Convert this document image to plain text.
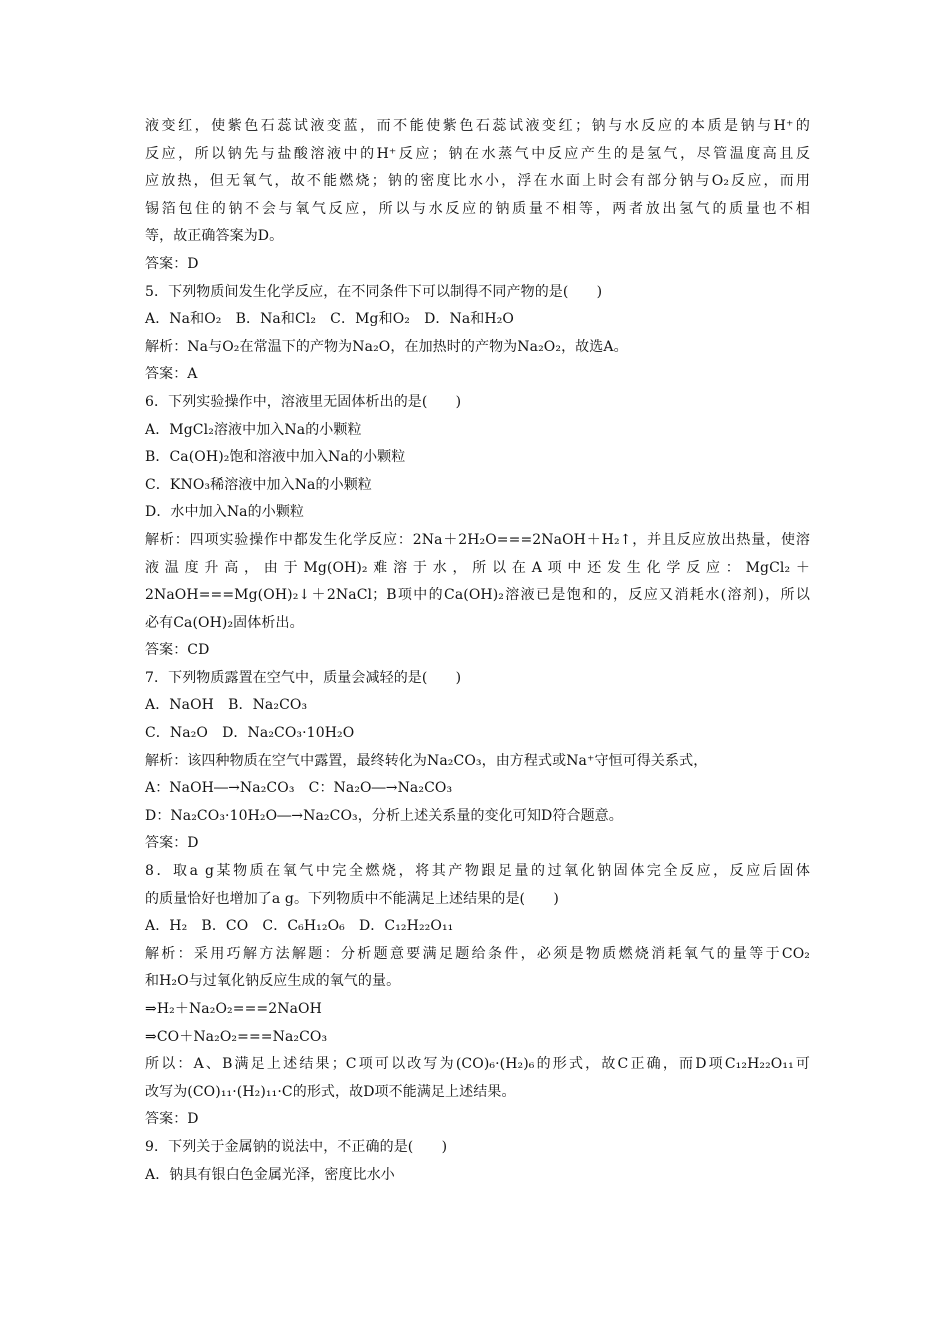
液变红，使紫色石蕊试液变蓝，而不能使紫色石蕊试液变红；钠与水反应的本质是钠与H⁺的
反应，所以钠先与盐酸溶液中的H⁺反应；钠在水蒸气中反应产生的是氢气，尽管温度高且反
应放热，但无氧气，故不能燃烧；钠的密度比水小，浮在水面上时会有部分钠与O₂反应，而用
锡箔包住的钠不会与氧气反应，所以与水反应的钠质量不相等，两者放出氢气的质量也不相
等，故正确答案为D。
答案：D
5．下列物质间发生化学反应，在不同条件下可以制得不同产物的是(　　)
A．Na和O₂　B．Na和Cl₂　C．Mg和O₂　D．Na和H₂O
解析：Na与O₂在常温下的产物为Na₂O，在加热时的产物为Na₂O₂，故选A。
答案：A
6．下列实验操作中，溶液里无固体析出的是(　　)
A．MgCl₂溶液中加入Na的小颗粒
B．Ca(OH)₂饱和溶液中加入Na的小颗粒
C．KNO₃稀溶液中加入Na的小颗粒
D．水中加入Na的小颗粒
解析：四项实验操作中都发生化学反应：2Na＋2H₂O===2NaOH＋H₂↑，并且反应放出热量，使溶
液温度升高，由于Mg(OH)₂难溶于水，所以在A项中还发生化学反应：MgCl₂＋
2NaOH===Mg(OH)₂↓＋2NaCl；B项中的Ca(OH)₂溶液已是饱和的，反应又消耗水(溶剂)，所以
必有Ca(OH)₂固体析出。
答案：CD
7．下列物质露置在空气中，质量会减轻的是(　　)
A．NaOH　B．Na₂CO₃
C．Na₂O　D．Na₂CO₃·10H₂O
解析：该四种物质在空气中露置，最终转化为Na₂CO₃，由方程式或Na⁺守恒可得关系式，
A：NaOH―→Na₂CO₃　C：Na₂O―→Na₂CO₃
D：Na₂CO₃·10H₂O―→Na₂CO₃，分析上述关系量的变化可知D符合题意。
答案：D
8．取a g某物质在氧气中完全燃烧，将其产物跟足量的过氧化钠固体完全反应，反应后固体
的质量恰好也增加了a g。下列物质中不能满足上述结果的是(　　)
A．H₂　B．CO　C．C₆H₁₂O₆　D．C₁₂H₂₂O₁₁
解析：采用巧解方法解题：分析题意要满足题给条件，必须是物质燃烧消耗氧气的量等于CO₂
和H₂O与过氧化钠反应生成的氧气的量。
⇒H₂＋Na₂O₂===2NaOH
⇒CO＋Na₂O₂===Na₂CO₃
所以：A、B满足上述结果；C项可以改写为(CO)₆·(H₂)₆的形式，故C正确，而D项C₁₂H₂₂O₁₁可
改写为(CO)₁₁·(H₂)₁₁·C的形式，故D项不能满足上述结果。
答案：D
9．下列关于金属钠的说法中，不正确的是(　　)
A．钠具有银白色金属光泽，密度比水小
